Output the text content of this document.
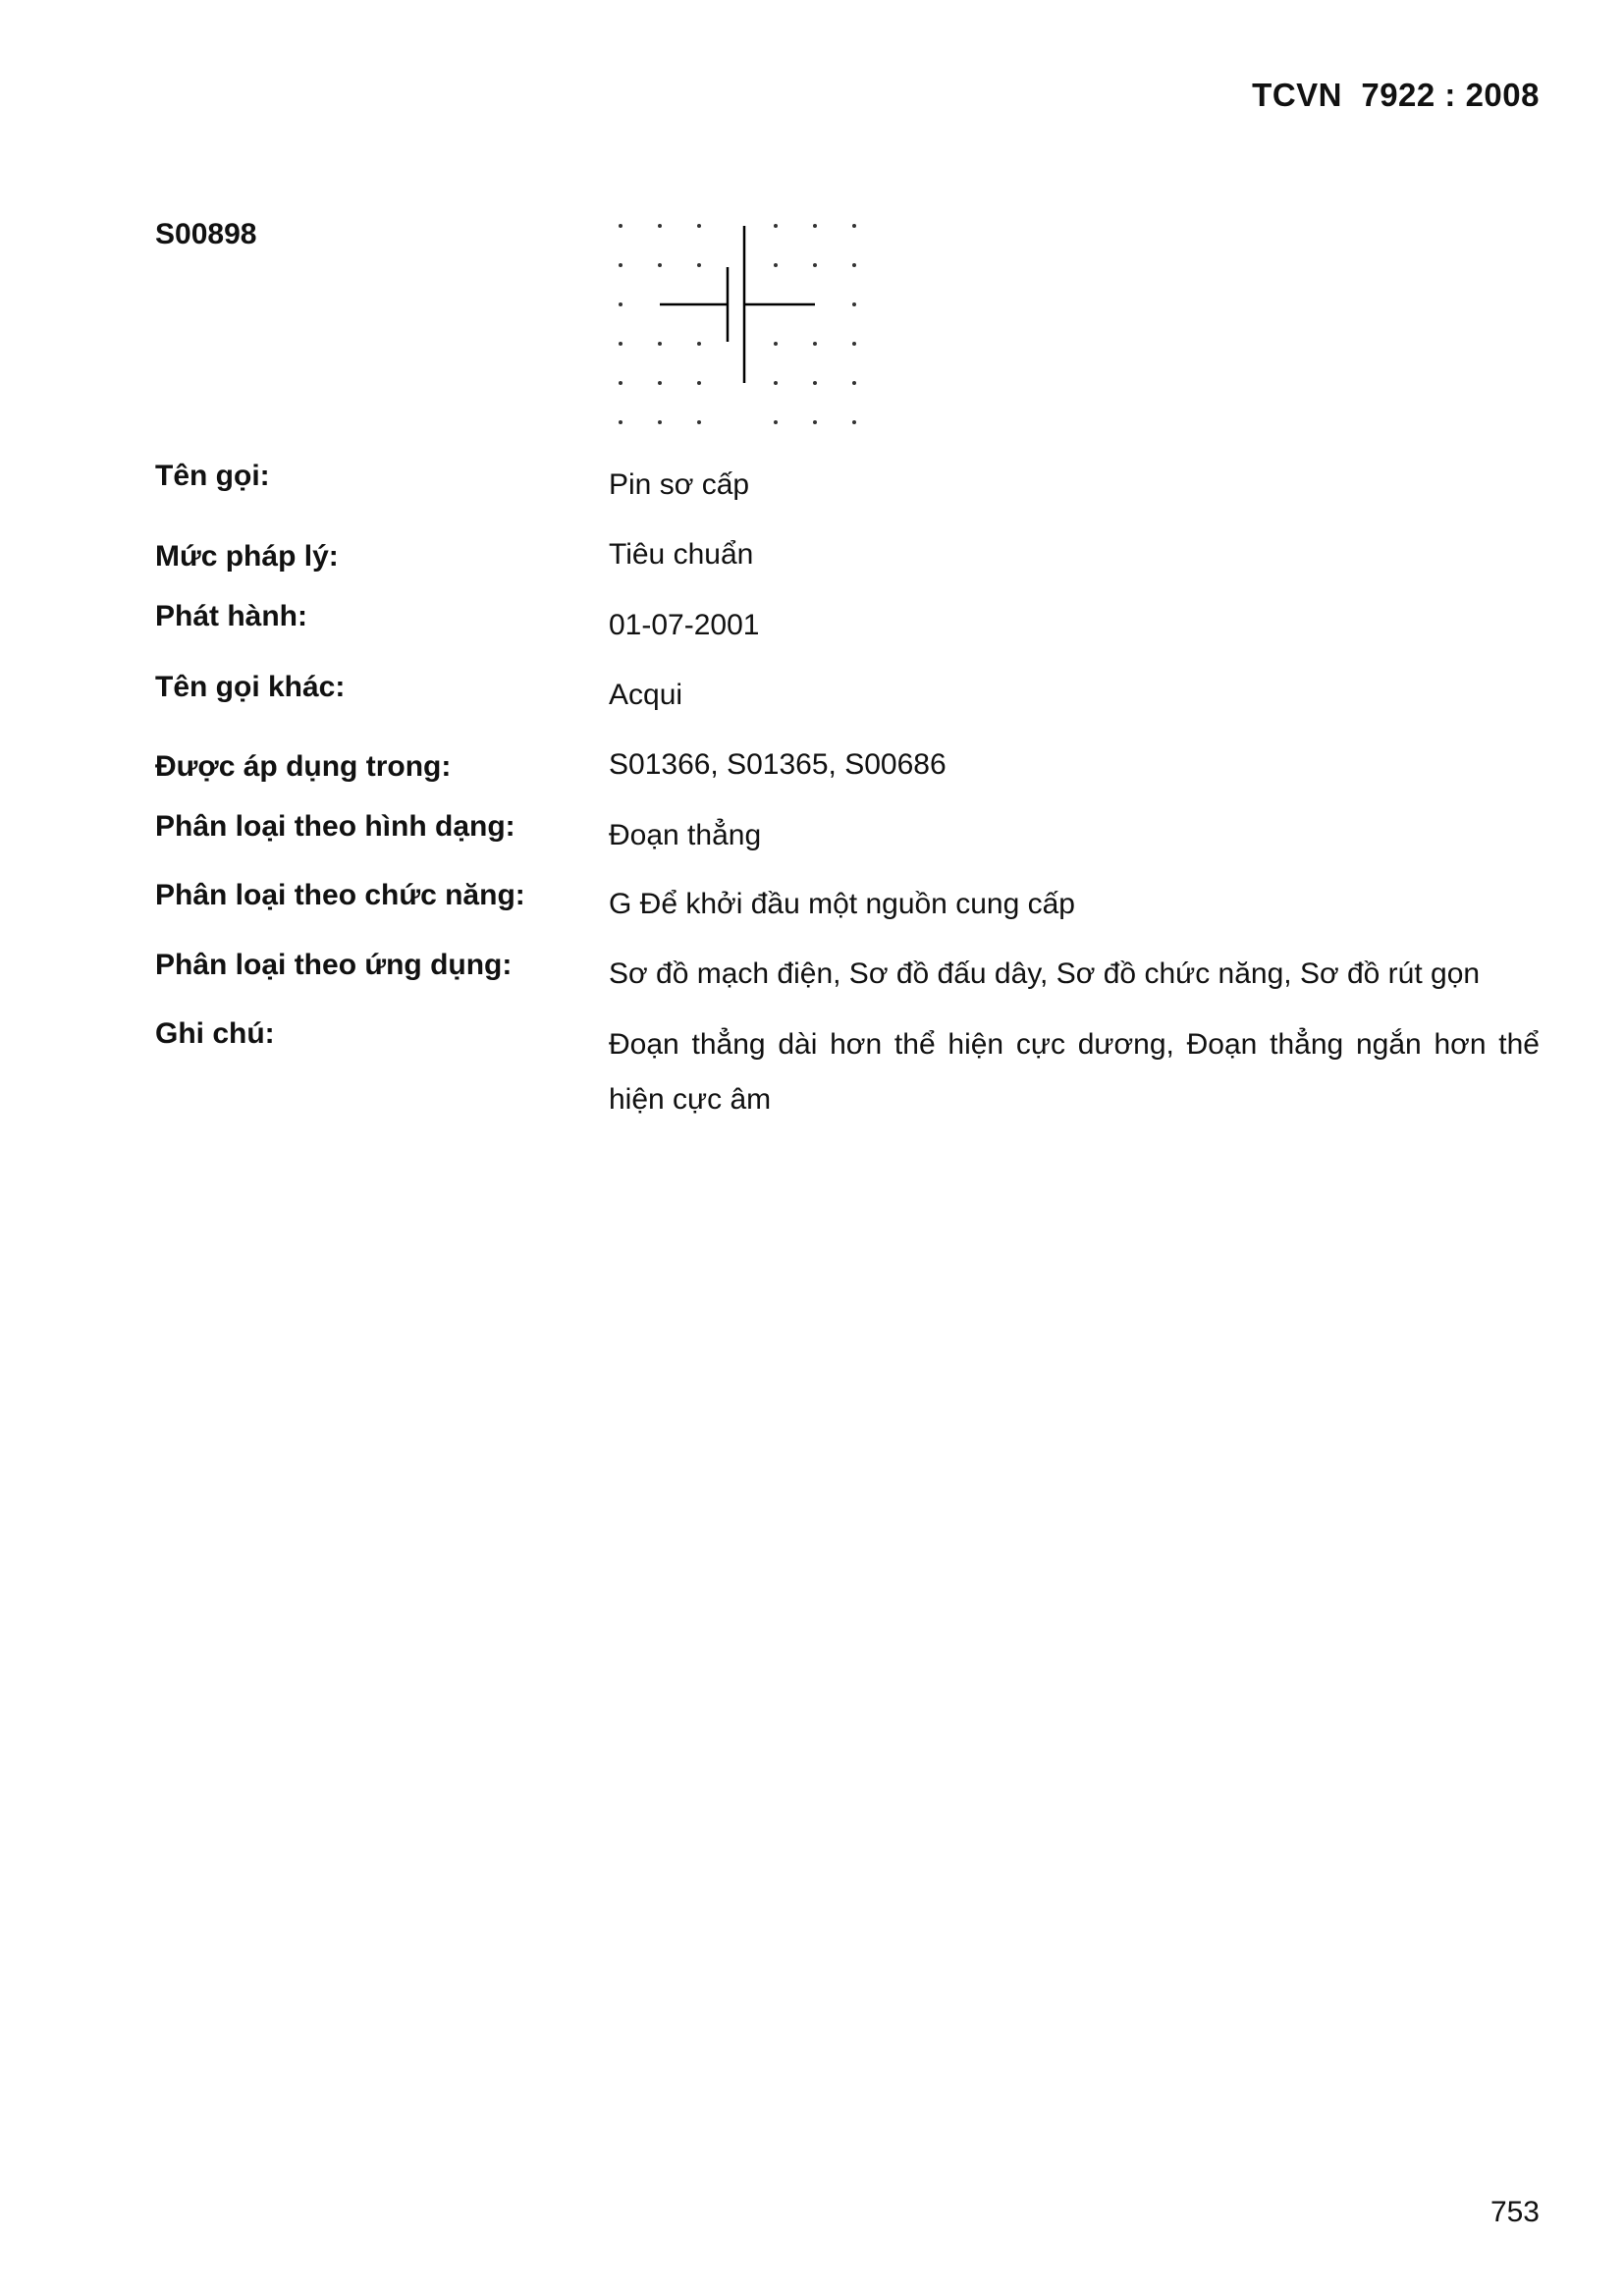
TCVN  7922 : 2008
S00898
Tên gọi:	Pin sơ cấp
Mức pháp lý:	Tiêu chuẩn
Phát hành:	01-07-2001
Tên gọi khác:	Acqui
Được áp dụng trong:	S01366, S01365, S00686
Phân loại theo hình dạng:	Đoạn thẳng
Phân loại theo chức năng:	G Để khởi đầu một nguồn cung cấp
Phân loại theo ứng dụng:	Sơ đồ mạch điện, Sơ đồ đấu dây, Sơ đồ chức năng, Sơ đồ rút gọn
Ghi chú:	Đoạn thẳng dài hơn thể hiện cực dương, Đoạn thẳng ngắn hơn thể hiện cực âm
753
